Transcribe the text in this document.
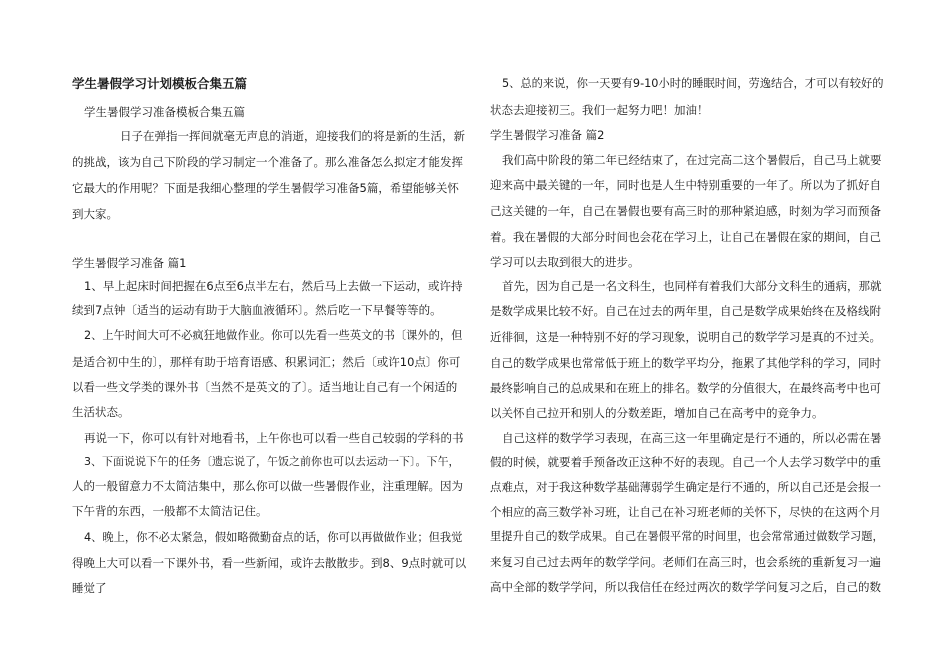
学生暑假学习计划模板合集五篇
学生暑假学习准备模板合集五篇
日子在弹指一挥间就毫无声息的消逝，迎接我们的将是新的生活，新
的挑战，该为自己下阶段的学习制定一个准备了。那么准备怎么拟定才能发挥
它最大的作用呢？下面是我细心整理的学生暑假学习准备5篇，希望能够关怀
到大家。
学生暑假学习准备 篇1
1、早上起床时间把握在6点至6点半左右，然后马上去做一下运动，或许持
续到7点钟〔适当的运动有助于大脑血液循环〕。然后吃一下早餐等等的。
2、上午时间大可不必疯狂地做作业。你可以先看一些英文的书〔课外的，但
是适合初中生的〕，那样有助于培育语感、积累词汇；然后〔或许10点〕你可
以看一些文学类的课外书〔当然不是英文的了〕。适当地让自己有一个闲适的
生活状态。
再说一下，你可以有针对地看书，上午你也可以看一些自己较弱的学科的书
3、下面说说下午的任务〔遗忘说了，午饭之前你也可以去运动一下〕。下午，
人的一般留意力不太简洁集中，那么你可以做一些暑假作业，注重理解。因为
下午背的东西，一般都不太简洁记住。
4、晚上，你不必太紧急，假如略微勤奋点的话，你可以再做做作业；但我觉
得晚上大可以看一下课外书，看一些新闻，或许去散散步。到8、9点时就可以
睡觉了
5、总的来说，你一天要有9-10小时的睡眠时间，劳逸结合，才可以有较好的
状态去迎接初三。我们一起努力吧！加油！
学生暑假学习准备 篇2
我们高中阶段的第二年已经结束了，在过完高二这个暑假后，自己马上就要
迎来高中最关键的一年，同时也是人生中特别重要的一年了。所以为了抓好自
己这关键的一年，自己在暑假也要有高三时的那种紧迫感，时刻为学习而预备
着。我在暑假的大部分时间也会花在学习上，让自己在暑假在家的期间，自己
学习可以去取到很大的进步。
首先，因为自己是一名文科生，也同样有着我们大部分文科生的通病，那就
是数学成果比较不好。自己在过去的两年里，自己是数学成果始终在及格线附
近徘徊，这是一种特别不好的学习现象，说明自己的数学学习是真的不过关。
自己的数学成果也常常低于班上的数学平均分，拖累了其他学科的学习，同时
最终影响自己的总成果和在班上的排名。数学的分值很大，在最终高考中也可
以关怀自己拉开和别人的分数差距，增加自己在高考中的竞争力。
自己这样的数学学习表现，在高三这一年里确定是行不通的，所以必需在暑
假的时候，就要着手预备改正这种不好的表现。自己一个人去学习数学中的重
点难点，对于我这种数学基础薄弱学生确定是行不通的，所以自己还是会报一
个相应的高三数学补习班，让自己在补习班老师的关怀下，尽快的在这两个月
里提升自己的数学成果。自己在暑假平常的时间里，也会常常通过做数学习题，
来复习自己过去两年的数学学问。老师们在高三时，也会系统的重新复习一遍
高中全部的数学学问，所以我信任在经过两次的数学学问复习之后，自己的数
